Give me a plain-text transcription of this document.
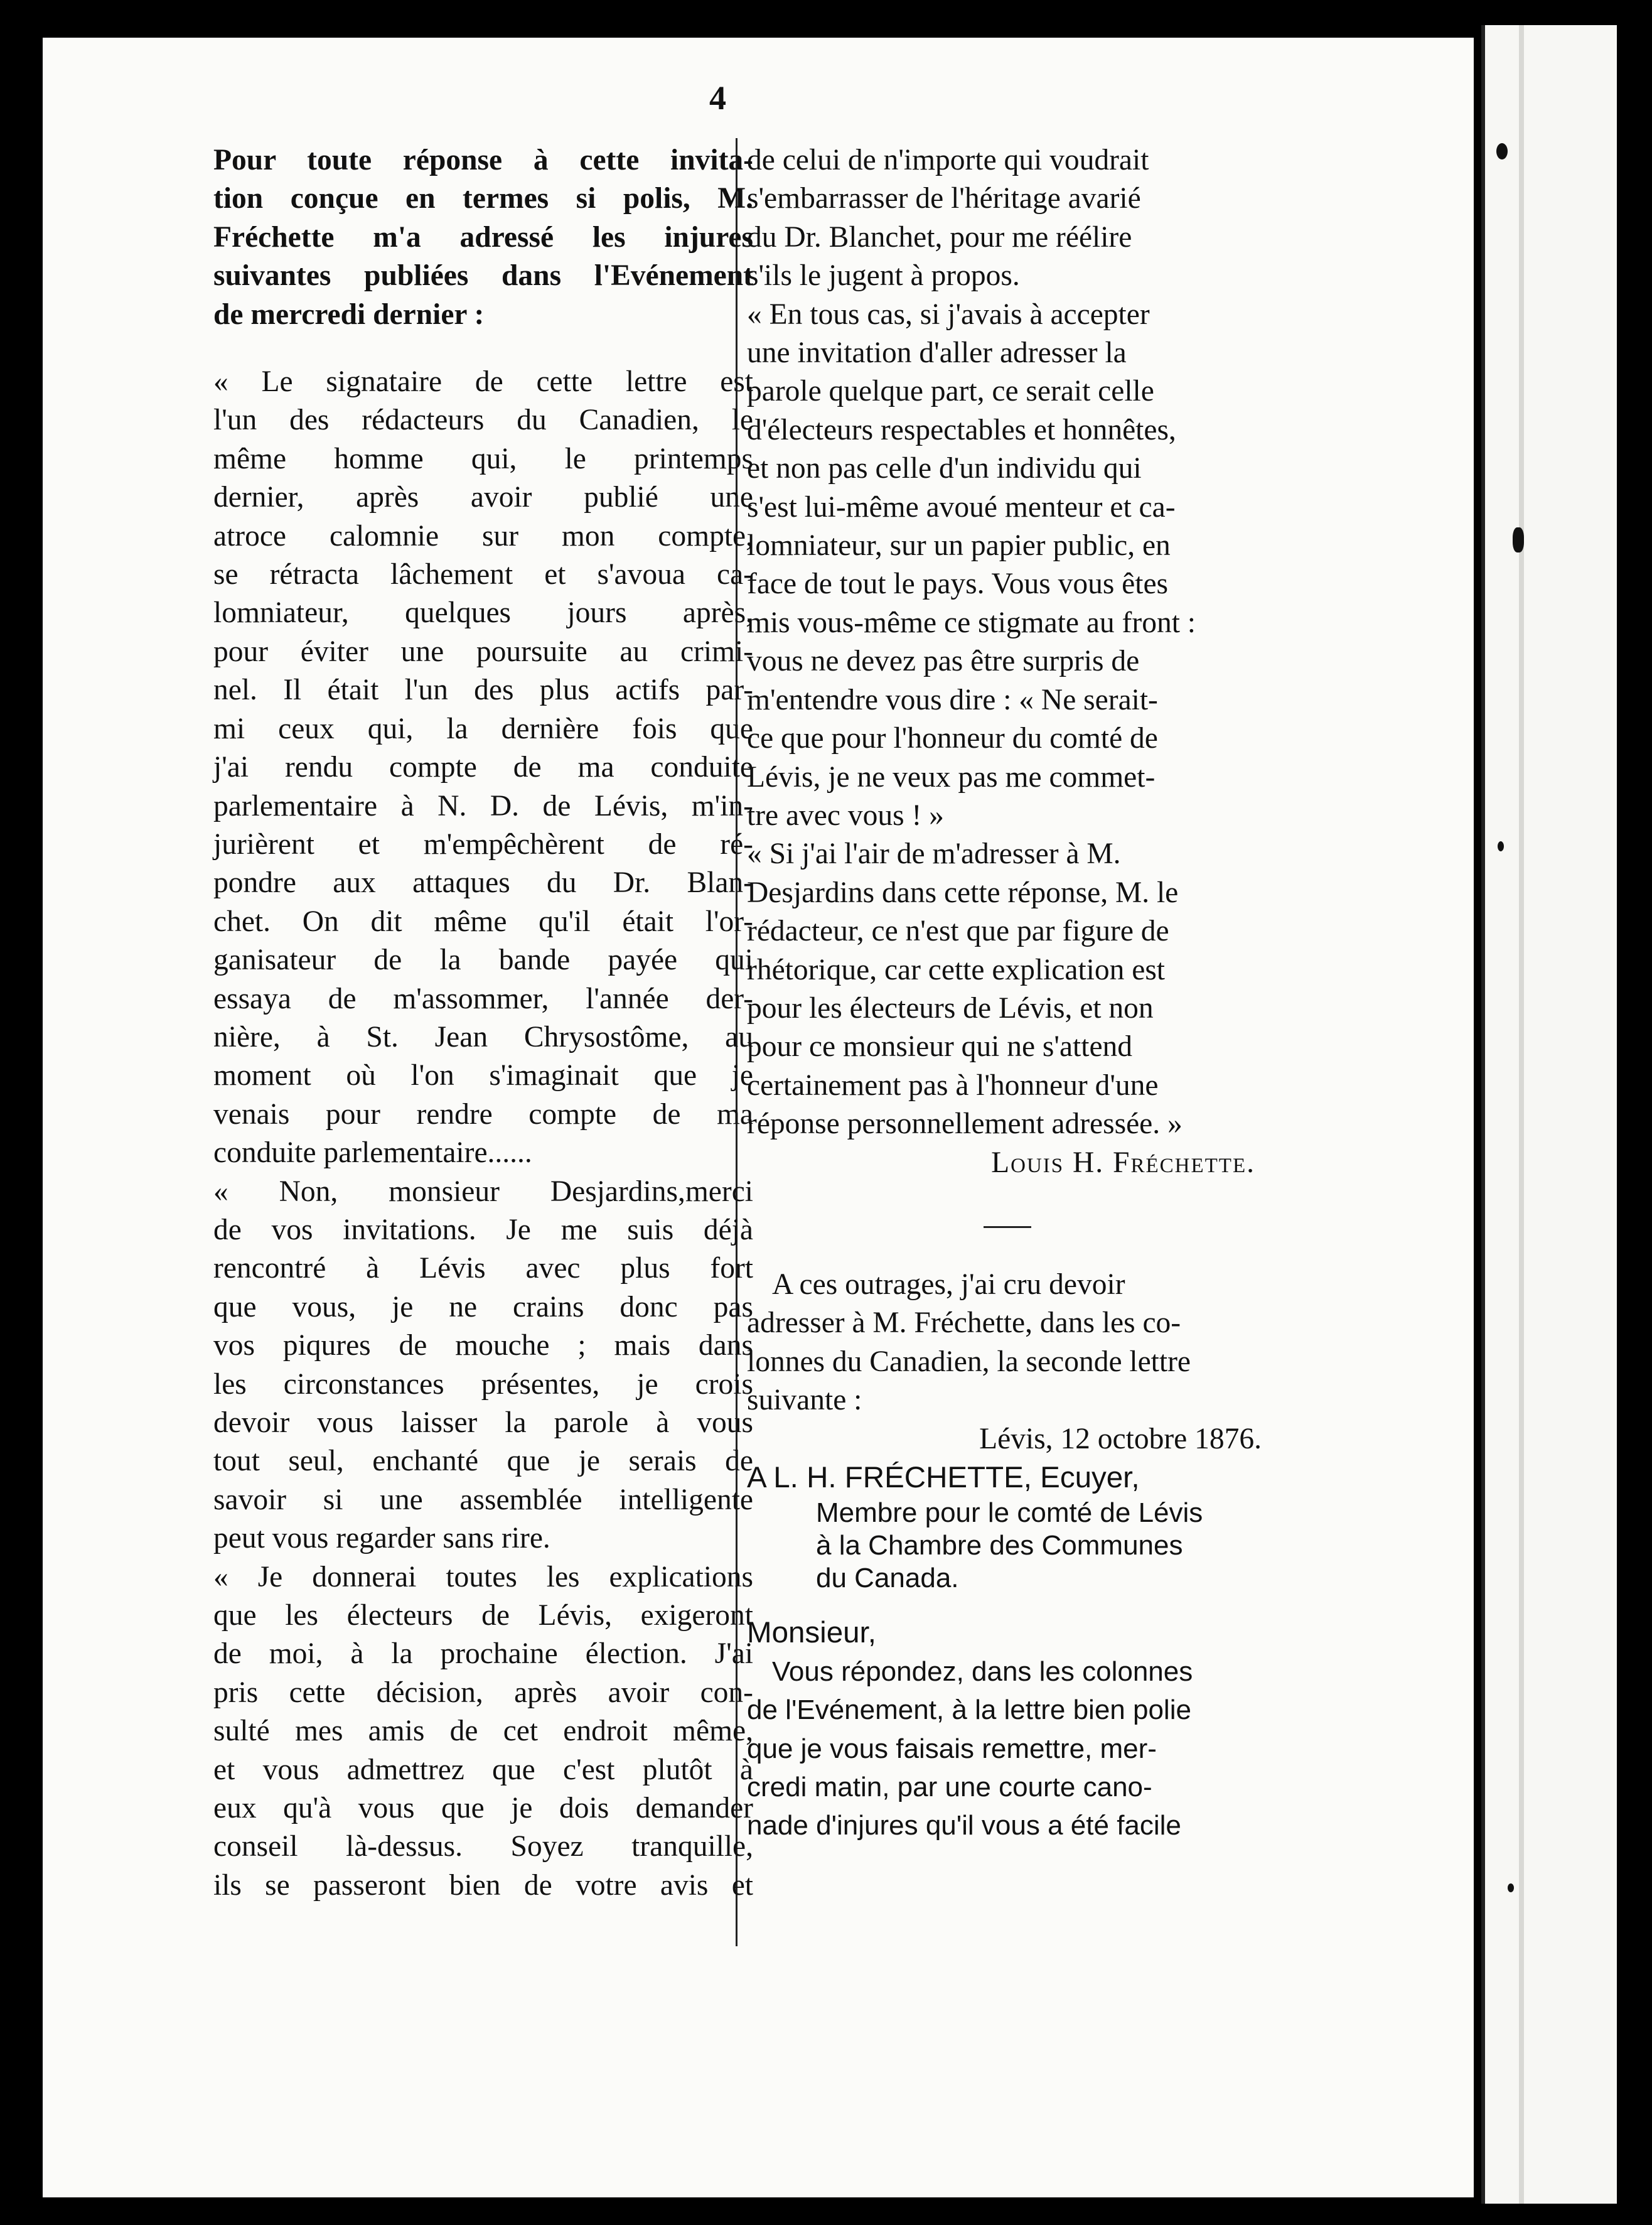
4

Pour toute réponse à cette invita-

tion conçue en termes si polis, M.

Fréchette m'a adressé les injures

suivantes publiées dans l'Evénement

de mercredi dernier :

« Le signataire de cette lettre est

l'un des rédacteurs du Canadien, le

même homme qui, le printemps

dernier, après avoir publié une

atroce calomnie sur mon compte,

se rétracta lâchement et s'avoua ca-

lomniateur, quelques jours après,

pour éviter une poursuite au crimi-

nel. Il était l'un des plus actifs par-

mi ceux qui, la dernière fois que

j'ai rendu compte de ma conduite

parlementaire à N. D. de Lévis, m'in-

jurièrent et m'empêchèrent de ré-

pondre aux attaques du Dr. Blan-

chet. On dit même qu'il était l'or-

ganisateur de la bande payée qui

essaya de m'assommer, l'année der-

nière, à St. Jean Chrysostôme, au

moment où l'on s'imaginait que je

venais pour rendre compte de ma

conduite parlementaire......

« Non, monsieur Desjardins,merci

de vos invitations. Je me suis déjà

rencontré à Lévis avec plus fort

que vous, je ne crains donc pas

vos piqures de mouche ; mais dans

les circonstances présentes, je crois

devoir vous laisser la parole à vous

tout seul, enchanté que je serais de

savoir si une assemblée intelligente

peut vous regarder sans rire.

« Je donnerai toutes les explications

que les électeurs de Lévis, exigeront

de moi, à la prochaine élection. J'ai

pris cette décision, après avoir con-

sulté mes amis de cet endroit même,

et vous admettrez que c'est plutôt à

eux qu'à vous que je dois demander

conseil là-dessus. Soyez tranquille,

ils se passeront bien de votre avis et

de celui de n'importe qui voudrait

s'embarrasser de l'héritage avarié

du Dr. Blanchet, pour me réélire

s'ils le jugent à propos.

« En tous cas, si j'avais à accepter

une invitation d'aller adresser la

parole quelque part, ce serait celle

d'électeurs respectables et honnêtes,

et non pas celle d'un individu qui

s'est lui-même avoué menteur et ca-

lomniateur, sur un papier public, en

face de tout le pays. Vous vous êtes

mis vous-même ce stigmate au front :

vous ne devez pas être surpris de

m'entendre vous dire : « Ne serait-

ce que pour l'honneur du comté de

Lévis, je ne veux pas me commet-

tre avec vous ! »

« Si j'ai l'air de m'adresser à M.

Desjardins dans cette réponse, M. le

rédacteur, ce n'est que par figure de

rhétorique, car cette explication est

pour les électeurs de Lévis, et non

pour ce monsieur qui ne s'attend

certainement pas à l'honneur d'une

réponse personnellement adressée. »

Louis H. Fréchette.

A ces outrages, j'ai cru devoir

adresser à M. Fréchette, dans les co-

lonnes du Canadien, la seconde lettre

suivante :

Lévis, 12 octobre 1876.

A L. H. FRÉCHETTE, Ecuyer,

Membre pour le comté de Lévis

à la Chambre des Communes

du Canada.

Monsieur,

Vous répondez, dans les colonnes

de l'Evénement, à la lettre bien polie

que je vous faisais remettre, mer-

credi matin, par une courte cano-

nade d'injures qu'il vous a été facile
